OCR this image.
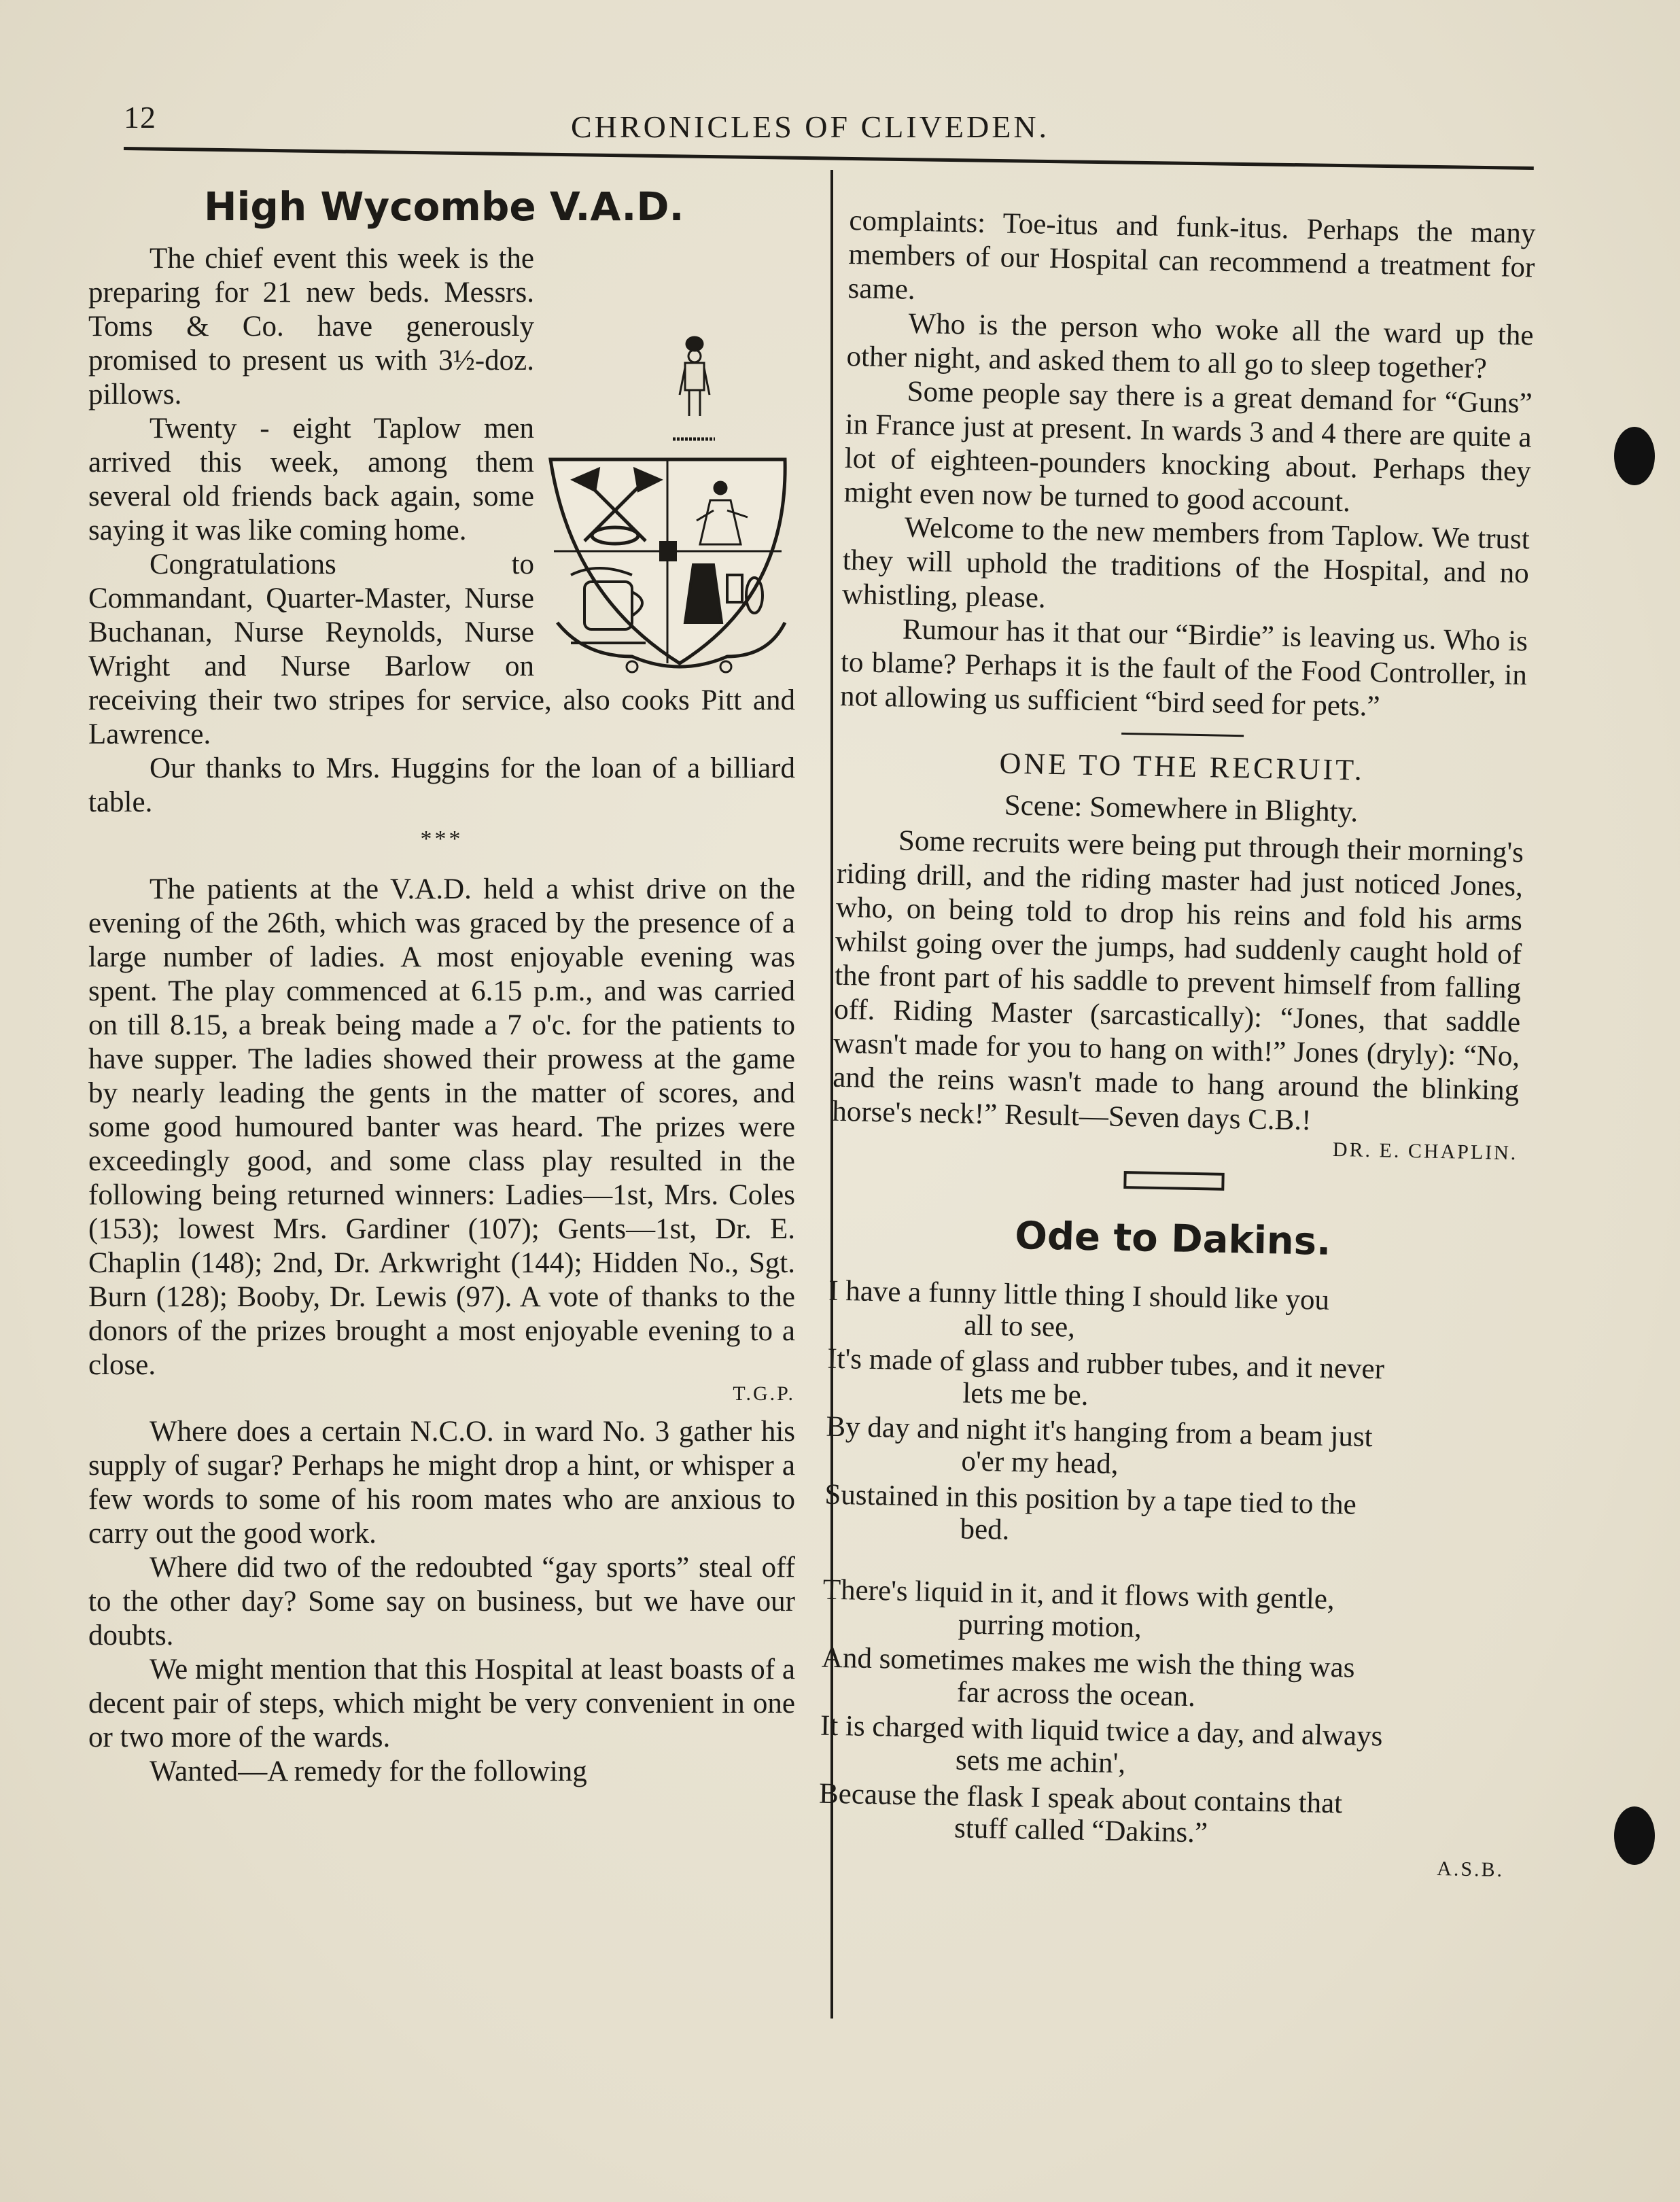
12	CHRONICLES OF CLIVEDEN.
High Wycombe V.A.D.

The chief event this week is the preparing for 21 new beds. Messrs. Toms & Co. have generously promised to present us with 3½-doz. pillows.

Twenty - eight Taplow men arrived this week, among them several old friends back again, some saying it was like coming home.

Congratulations to Commandant, Quarter-Master, Nurse Buchanan, Nurse Reynolds, Nurse Wright and Nurse Barlow on receiving their two stripes for service, also cooks Pitt and Lawrence.

Our thanks to Mrs. Huggins for the loan of a billiard table.

***

The patients at the V.A.D. held a whist drive on the evening of the 26th, which was graced by the presence of a large number of ladies. A most enjoyable evening was spent. The play commenced at 6.15 p.m., and was carried on till 8.15, a break being made a 7 o'c. for the patients to have supper. The ladies showed their prowess at the game by nearly leading the gents in the matter of scores, and some good humoured banter was heard. The prizes were exceedingly good, and some class play resulted in the following being returned winners: Ladies—1st, Mrs. Coles (153); lowest Mrs. Gardiner (107); Gents—1st, Dr. E. Chaplin (148); 2nd, Dr. Arkwright (144); Hidden No., Sgt. Burn (128); Booby, Dr. Lewis (97). A vote of thanks to the donors of the prizes brought a most enjoyable evening to a close.

T.G.P.

Where does a certain N.C.O. in ward No. 3 gather his supply of sugar? Perhaps he might drop a hint, or whisper a few words to some of his room mates who are anxious to carry out the good work.

Where did two of the redoubted “gay sports” steal off to the other day? Some say on business, but we have our doubts.

We might mention that this Hospital at least boasts of a decent pair of steps, which might be very convenient in one or two more of the wards.

Wanted—A remedy for the following

complaints: Toe-itus and funk-itus. Perhaps the many members of our Hospital can recommend a treatment for same.

Who is the person who woke all the ward up the other night, and asked them to all go to sleep together?

Some people say there is a great demand for “Guns” in France just at present. In wards 3 and 4 there are quite a lot of eighteen-pounders knocking about. Perhaps they might even now be turned to good account.

Welcome to the new members from Taplow. We trust they will uphold the traditions of the Hospital, and no whistling, please.

Rumour has it that our “Birdie” is leaving us. Who is to blame? Perhaps it is the fault of the Food Controller, in not allowing us sufficient “bird seed for pets.”

ONE TO THE RECRUIT.
Scene: Somewhere in Blighty.

Some recruits were being put through their morning's riding drill, and the riding master had just noticed Jones, who, on being told to drop his reins and fold his arms whilst going over the jumps, had suddenly caught hold of the front part of his saddle to prevent himself from falling off. Riding Master (sarcastically): “Jones, that saddle wasn't made for you to hang on with!” Jones (dryly): “No, and the reins wasn't made to hang around the blinking horse's neck!” Result—Seven days C.B.!

DR. E. CHAPLIN.
Ode to Dakins.
I have a funny little thing I should like you
all to see,
It's made of glass and rubber tubes, and it never
lets me be.
By day and night it's hanging from a beam just
o'er my head,
Sustained in this position by a tape tied to the
bed.
There's liquid in it, and it flows with gentle,
purring motion,
And sometimes makes me wish the thing was
far across the ocean.
It is charged with liquid twice a day, and always
sets me achin',
Because the flask I speak about contains that
stuff called “Dakins.”
A.S.B.
